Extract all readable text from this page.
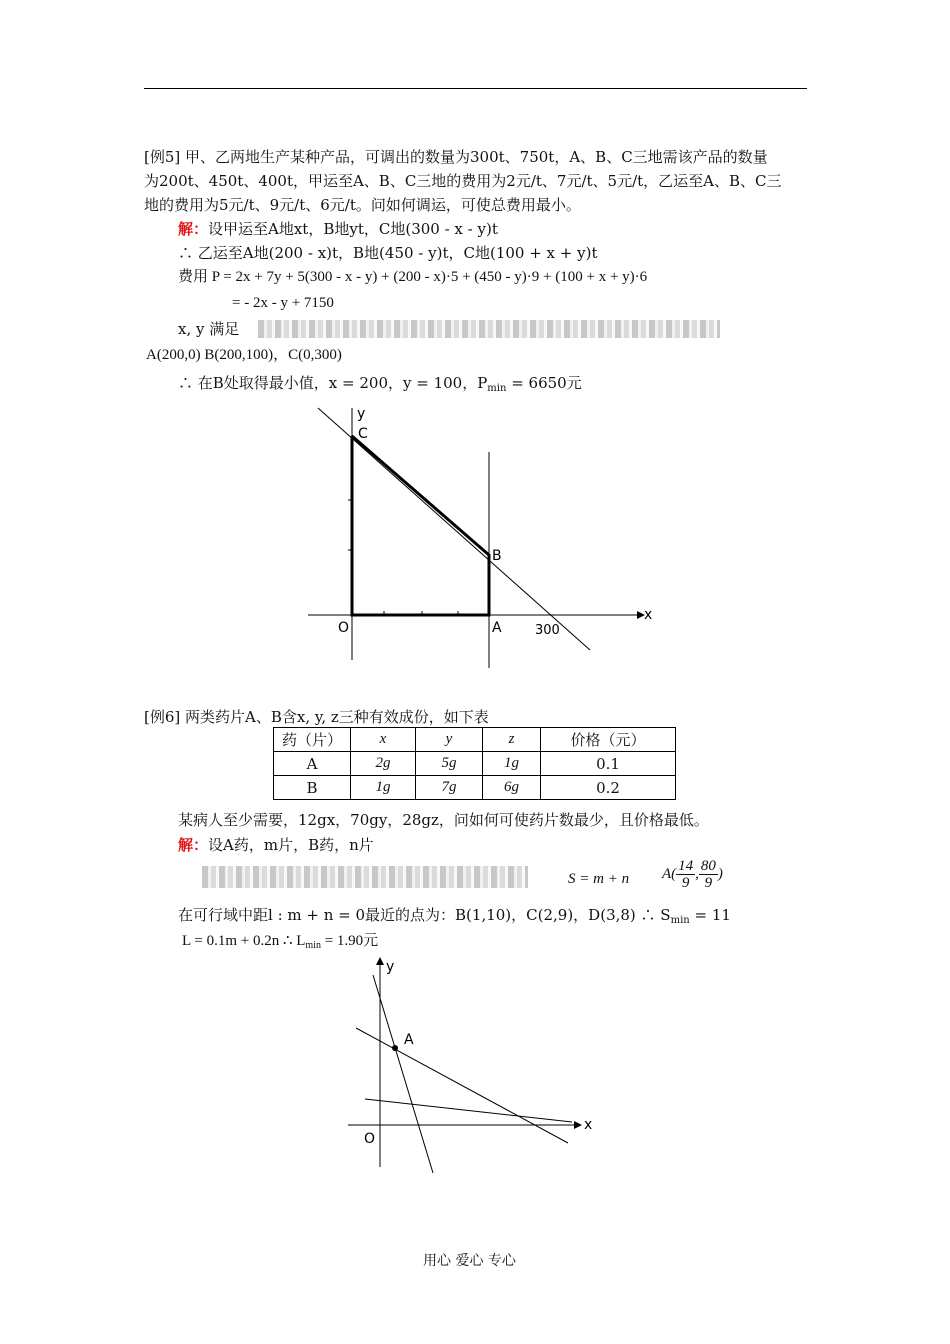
[例5] 甲、乙两地生产某种产品，可调出的数量为300t、750t，A、B、C三地需该产品的数量
为200t、450t、400t，甲运至A、B、C三地的费用为2元/t、7元/t、5元/t，乙运至A、B、C三
地的费用为5元/t、9元/t、6元/t。问如何调运，可使总费用最小。
解：设甲运至A地xt，B地yt，C地(300 - x - y)t
∴ 乙运至A地(200 - x)t，B地(450 - y)t，C地(100 + x + y)t
费用 P = 2x + 7y + 5(300 - x - y) + (200 - x)·5 + (450 - y)·9 + (100 + x + y)·6
= - 2x - y + 7150
x, y 满足
A(200,0) B(200,100)，C(0,300)
∴ 在B处取得最小值，x = 200，y = 100，$P_{min} = 6650$元
y
x
C
B
O	A	300
[例6] 两类药片A、B含x, y, z三种有效成份，如下表
药（片）	x	y	z	价格（元）
A	2g	5g	1g	0.1
B	1g	7g	6g	0.2
某病人至少需要，12gx，70gy，28gz，问如何可使药片数最少，且价格最低。
解：设A药，m片，B药，n片
S = m + n $A( \frac{14}{9}$ , $\frac{80}{9}$ )
在可行域中距l : m + n = 0最近的点为：B(1,10)，C(2,9)，D(3,8) ∴ $S_{min} = 11$
L = 0.1m + 0.2n ∴ $L_{min} = 1.90$元
y
x
A
O
用心 爱心 专心
